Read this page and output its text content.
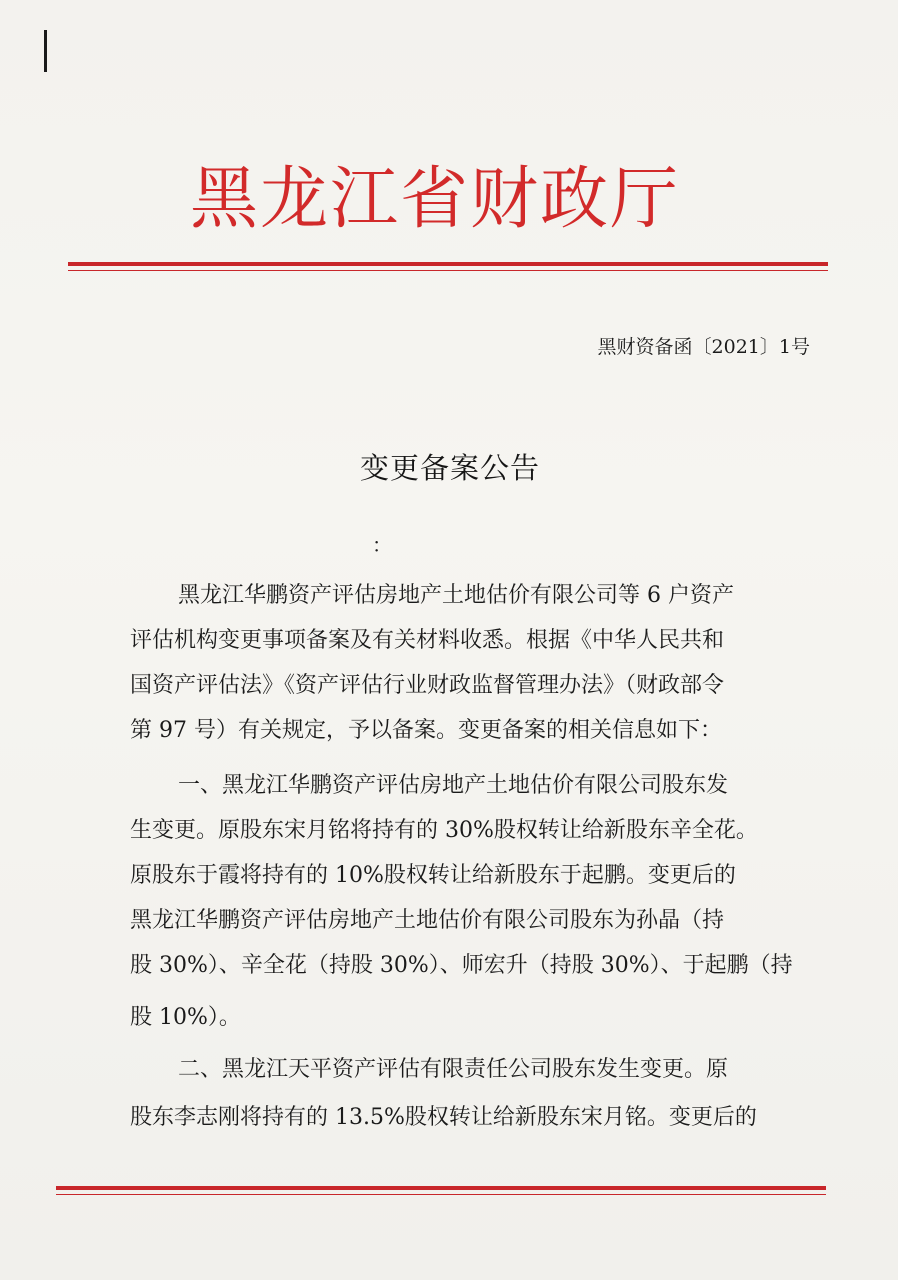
黑龙江省财政厅
黑财资备函〔2021〕1号
变更备案公告
：
黑龙江华鹏资产评估房地产土地估价有限公司等 6 户资产
评估机构变更事项备案及有关材料收悉。根据《中华人民共和
国资产评估法》《资产评估行业财政监督管理办法》（财政部令
第 97 号）有关规定，予以备案。变更备案的相关信息如下：
一、黑龙江华鹏资产评估房地产土地估价有限公司股东发
生变更。原股东宋月铭将持有的 30%股权转让给新股东辛全花。
原股东于霞将持有的 10%股权转让给新股东于起鹏。变更后的
黑龙江华鹏资产评估房地产土地估价有限公司股东为孙晶（持
股 30%）、辛全花（持股 30%）、师宏升（持股 30%）、于起鹏（持
股 10%）。
二、黑龙江天平资产评估有限责任公司股东发生变更。原
股东李志刚将持有的 13.5%股权转让给新股东宋月铭。变更后的
